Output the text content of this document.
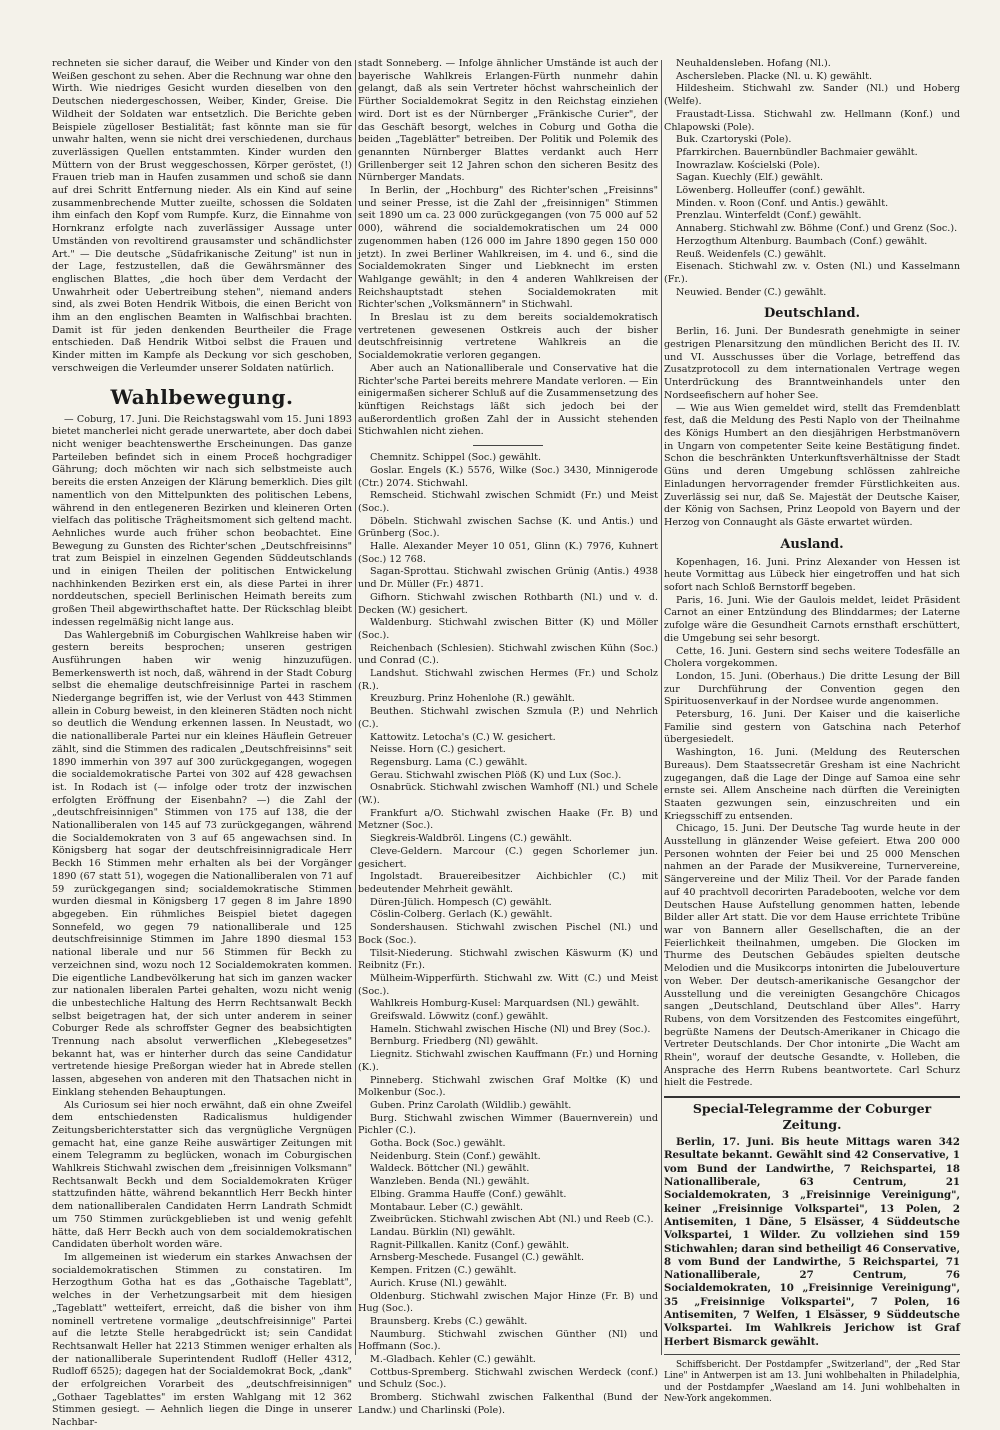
rechneten sie sicher darauf, die Weiber und Kinder von den Weißen geschont zu sehen. Aber die Rechnung war ohne den Wirth. Wie niedriges Gesicht wurden dieselben von den Deutschen niedergeschossen, Weiber, Kinder, Greise. Die Wildheit der Soldaten war entsetzlich. Die Berichte geben Beispiele zügelloser Bestialität; fast könnte man sie für unwahr halten, wenn sie nicht drei verschiedenen, durchaus zuverlässigen Quellen entstammten. Kinder wurden den Müttern von der Brust weggeschossen, Körper geröstet, (!) Frauen trieb man in Haufen zusammen und schoß sie dann auf drei Schritt Entfernung nieder. Als ein Kind auf seine zusammenbrechende Mutter zueilte, schossen die Soldaten ihm einfach den Kopf vom Rumpfe. Kurz, die Einnahme von Hornkranz erfolgte nach zuverlässiger Aussage unter Umständen von revoltirend grausamster und schändlichster Art." — Die deutsche „Südafrikanische Zeitung" ist nun in der Lage, festzustellen, daß die Gewährsmänner des englischen Blattes, „die hoch über dem Verdacht der Unwahrheit oder Uebertreibung stehen", niemand anders sind, als zwei Boten Hendrik Witbois, die einen Bericht von ihm an den englischen Beamten in Walfischbai brachten. Damit ist für jeden denkenden Beurtheiler die Frage entschieden. Daß Hendrik Witboi selbst die Frauen und Kinder mitten im Kampfe als Deckung vor sich geschoben, verschweigen die Verleumder unserer Soldaten natürlich.

Wahlbewegung.

— Coburg, 17. Juni. Die Reichstagswahl vom 15. Juni 1893 bietet mancherlei nicht gerade unerwartete, aber doch dabei nicht weniger beachtenswerthe Erscheinungen. Das ganze Parteileben befindet sich in einem Proceß hochgradiger Gährung; doch möchten wir nach sich selbstmeiste auch bereits die ersten Anzeigen der Klärung bemerklich. Dies gilt namentlich von den Mittelpunkten des politischen Lebens, während in den entlegeneren Bezirken und kleineren Orten vielfach das politische Trägheitsmoment sich geltend macht. Aehnliches wurde auch früher schon beobachtet. Eine Bewegung zu Gunsten des Richter'schen „Deutschfreisinns" trat zum Beispiel in einzelnen Gegenden Süddeutschlands und in einigen Theilen der politischen Entwickelung nachhinkenden Bezirken erst ein, als diese Partei in ihrer norddeutschen, speciell Berlinischen Heimath bereits zum großen Theil abgewirthschaftet hatte. Der Rückschlag bleibt indessen regelmäßig nicht lange aus.

Das Wahlergebniß im Coburgischen Wahlkreise haben wir gestern bereits besprochen; unseren gestrigen Ausführungen haben wir wenig hinzuzufügen. Bemerkenswerth ist noch, daß, während in der Stadt Coburg selbst die ehemalige deutschfreisinnige Partei in raschem Niedergange begriffen ist, wie der Verlust von 443 Stimmen allein in Coburg beweist, in den kleineren Städten noch nicht so deutlich die Wendung erkennen lassen. In Neustadt, wo die nationalliberale Partei nur ein kleines Häuflein Getreuer zählt, sind die Stimmen des radicalen „Deutschfreisinns" seit 1890 immerhin von 397 auf 300 zurückgegangen, wogegen die socialdemokratische Partei von 302 auf 428 gewachsen ist. In Rodach ist (— infolge oder trotz der inzwischen erfolgten Eröffnung der Eisenbahn? —) die Zahl der „deutschfreisinnigen" Stimmen von 175 auf 138, die der Nationalliberalen von 145 auf 73 zurückgegangen, während die Socialdemokraten von 3 auf 65 angewachsen sind. In Königsberg hat sogar der deutschfreisinnigradicale Herr Beckh 16 Stimmen mehr erhalten als bei der Vorgänger 1890 (67 statt 51), wogegen die Nationalliberalen von 71 auf 59 zurückgegangen sind; socialdemokratische Stimmen wurden diesmal in Königsberg 17 gegen 8 im Jahre 1890 abgegeben. Ein rühmliches Beispiel bietet dagegen Sonnefeld, wo gegen 79 nationalliberale und 125 deutschfreisinnige Stimmen im Jahre 1890 diesmal 153 national liberale und nur 56 Stimmen für Beckh zu verzeichnen sind, wozu noch 12 Socialdemokraten kommen. Die eigentliche Landbevölkerung hat sich im ganzen wacker zur nationalen liberalen Partei gehalten, wozu nicht wenig die unbestechliche Haltung des Herrn Rechtsanwalt Beckh selbst beigetragen hat, der sich unter anderem in seiner Coburger Rede als schroffster Gegner des beabsichtigten Trennung nach absolut verwerflichen „Klebegesetzes" bekannt hat, was er hinterher durch das seine Candidatur vertretende hiesige Preßorgan wieder hat in Abrede stellen lassen, abgesehen von anderen mit den Thatsachen nicht in Einklang stehenden Behauptungen.

Als Curiosum sei hier noch erwähnt, daß ein ohne Zweifel dem entschiedensten Radicalismus huldigender Zeitungsberichterstatter sich das vergnügliche Vergnügen gemacht hat, eine ganze Reihe auswärtiger Zeitungen mit einem Telegramm zu beglücken, wonach im Coburgischen Wahlkreis Stichwahl zwischen dem „freisinnigen Volksmann" Rechtsanwalt Beckh und dem Socialdemokraten Krüger stattzufinden hätte, während bekanntlich Herr Beckh hinter dem nationalliberalen Candidaten Herrn Landrath Schmidt um 750 Stimmen zurückgeblieben ist und wenig gefehlt hätte, daß Herr Beckh auch von dem socialdemokratischen Candidaten überholt worden wäre.

Im allgemeinen ist wiederum ein starkes Anwachsen der socialdemokratischen Stimmen zu constatiren. Im Herzogthum Gotha hat es das „Gothaische Tageblatt", welches in der Verhetzungsarbeit mit dem hiesigen „Tageblatt" wetteifert, erreicht, daß die bisher von ihm nominell vertretene vormalige „deutschfreisinnige" Partei auf die letzte Stelle herabgedrückt ist; sein Candidat Rechtsanwalt Heller hat 2213 Stimmen weniger erhalten als der nationalliberale Superintendent Rudloff (Heller 4312, Rudloff 6525); dagegen hat der Socialdemokrat Bock, „dank" der erfolgreichen Vorarbeit des „deutschfreisinnigen" „Gothaer Tageblattes" im ersten Wahlgang mit 12 362 Stimmen gesiegt. — Aehnlich liegen die Dinge in unserer Nachbar-

stadt Sonneberg. — Infolge ähnlicher Umstände ist auch der bayerische Wahlkreis Erlangen-Fürth nunmehr dahin gelangt, daß als sein Vertreter höchst wahrscheinlich der Fürther Socialdemokrat Segitz in den Reichstag einziehen wird. Dort ist es der Nürnberger „Fränkische Curier", der das Geschäft besorgt, welches in Coburg und Gotha die beiden „Tageblätter" betreiben. Der Politik und Polemik des genannten Nürnberger Blattes verdankt auch Herr Grillenberger seit 12 Jahren schon den sicheren Besitz des Nürnberger Mandats.

In Berlin, der „Hochburg" des Richter'schen „Freisinns" und seiner Presse, ist die Zahl der „freisinnigen" Stimmen seit 1890 um ca. 23 000 zurückgegangen (von 75 000 auf 52 000), während die socialdemokratischen um 24 000 zugenommen haben (126 000 im Jahre 1890 gegen 150 000 jetzt). In zwei Berliner Wahlkreisen, im 4. und 6., sind die Socialdemokraten Singer und Liebknecht im ersten Wahlgange gewählt; in den 4 anderen Wahlkreisen der Reichshauptstadt stehen Socialdemokraten mit Richter'schen „Volksmännern" in Stichwahl.

In Breslau ist zu dem bereits socialdemokratisch vertretenen gewesenen Ostkreis auch der bisher deutschfreisinnig vertretene Wahlkreis an die Socialdemokratie verloren gegangen.

Aber auch an Nationalliberale und Conservative hat die Richter'sche Partei bereits mehrere Mandate verloren. — Ein einigermaßen sicherer Schluß auf die Zusammensetzung des künftigen Reichstags läßt sich jedoch bei der außerordentlich großen Zahl der in Aussicht stehenden Stichwahlen nicht ziehen.

Chemnitz. Schippel (Soc.) gewählt.

Goslar. Engels (K.) 5576, Wilke (Soc.) 3430, Minnigerode (Ctr.) 2074. Stichwahl.

Remscheid. Stichwahl zwischen Schmidt (Fr.) und Meist (Soc.).

Döbeln. Stichwahl zwischen Sachse (K. und Antis.) und Grünberg (Soc.).

Halle. Alexander Meyer 10 051, Glinn (K.) 7976, Kuhnert (Soc.) 12 768.

Sagan-Sprottau. Stichwahl zwischen Grünig (Antis.) 4938 und Dr. Müller (Fr.) 4871.

Gifhorn. Stichwahl zwischen Rothbarth (Nl.) und v. d. Decken (W.) gesichert.

Waldenburg. Stichwahl zwischen Bitter (K) und Möller (Soc.).

Reichenbach (Schlesien). Stichwahl zwischen Kühn (Soc.) und Conrad (C.).

Landshut. Stichwahl zwischen Hermes (Fr.) und Scholz (R.).

Kreuzburg. Prinz Hohenlohe (R.) gewählt.

Beuthen. Stichwahl zwischen Szmula (P.) und Nehrlich (C.).

Kattowitz. Letocha's (C.) W. gesichert.

Neisse. Horn (C.) gesichert.

Regensburg. Lama (C.) gewählt.

Gerau. Stichwahl zwischen Plöß (K) und Lux (Soc.).

Osnabrück. Stichwahl zwischen Wamhoff (Nl.) und Schele (W.).

Frankfurt a/O. Stichwahl zwischen Haake (Fr. B) und Metzner (Soc.).

Siegkreis-Waldbröl. Lingens (C.) gewählt.

Cleve-Geldern. Marcour (C.) gegen Schorlemer jun. gesichert.

Ingolstadt. Brauereibesitzer Aichbichler (C.) mit bedeutender Mehrheit gewählt.

Düren-Jülich. Hompesch (C) gewählt.

Cöslin-Colberg. Gerlach (K.) gewählt.

Sondershausen. Stichwahl zwischen Pischel (Nl.) und Bock (Soc.).

Tilsit-Niederung. Stichwahl zwischen Käswurm (K) und Reibnitz (Fr.).

Mülheim-Wipperfürth. Stichwahl zw. Witt (C.) und Meist (Soc.).

Wahlkreis Homburg-Kusel: Marquardsen (Nl.) gewählt.

Greifswald. Löwwitz (conf.) gewählt.

Hameln. Stichwahl zwischen Hische (Nl) und Brey (Soc.).

Bernburg. Friedberg (Nl) gewählt.

Liegnitz. Stichwahl zwischen Kauffmann (Fr.) und Horning (K.).

Pinneberg. Stichwahl zwischen Graf Moltke (K) und Molkenbur (Soc.).

Guben. Prinz Carolath (Wildlib.) gewählt.

Burg. Stichwahl zwischen Wimmer (Bauernverein) und Pichler (C.).

Gotha. Bock (Soc.) gewählt.

Neidenburg. Stein (Conf.) gewählt.

Waldeck. Böttcher (Nl.) gewählt.

Wanzleben. Benda (Nl.) gewählt.

Elbing. Gramma Hauffe (Conf.) gewählt.

Montabaur. Leber (C.) gewählt.

Zweibrücken. Stichwahl zwischen Abt (Nl.) und Reeb (C.).

Landau. Bürklin (Nl) gewählt.

Ragnit-Pillkallen. Kanitz (Conf.) gewählt.

Arnsberg-Meschede. Fusangel (C.) gewählt.

Kempen. Fritzen (C.) gewählt.

Aurich. Kruse (Nl.) gewählt.

Oldenburg. Stichwahl zwischen Major Hinze (Fr. B) und Hug (Soc.).

Braunsberg. Krebs (C.) gewählt.

Naumburg. Stichwahl zwischen Günther (Nl) und Hoffmann (Soc.).

M.-Gladbach. Kehler (C.) gewählt.

Cottbus-Spremberg. Stichwahl zwischen Werdeck (conf.) und Schulz (Soc.).

Bromberg. Stichwahl zwischen Falkenthal (Bund der Landw.) und Charlinski (Pole).

Neuhaldensleben. Hofang (Nl.).

Aschersleben. Placke (Nl. u. K) gewählt.

Hildesheim. Stichwahl zw. Sander (Nl.) und Hoberg (Welfe).

Fraustadt-Lissa. Stichwahl zw. Hellmann (Konf.) und Chlapowski (Pole).

Buk. Czartoryski (Pole).

Pfarrkirchen. Bauernbündler Bachmaier gewählt.

Inowrazlaw. Kościelski (Pole).

Sagan. Kuechly (Elf.) gewählt.

Löwenberg. Holleuffer (conf.) gewählt.

Minden. v. Roon (Conf. und Antis.) gewählt.

Prenzlau. Winterfeldt (Conf.) gewählt.

Annaberg. Stichwahl zw. Böhme (Conf.) und Grenz (Soc.).

Herzogthum Altenburg. Baumbach (Conf.) gewählt.

Reuß. Weidenfels (C.) gewählt.

Eisenach. Stichwahl zw. v. Osten (Nl.) und Kasselmann (Fr.).

Neuwied. Bender (C.) gewählt.

Deutschland.

Berlin, 16. Juni. Der Bundesrath genehmigte in seiner gestrigen Plenarsitzung den mündlichen Bericht des II. IV. und VI. Ausschusses über die Vorlage, betreffend das Zusatzprotocoll zu dem internationalen Vertrage wegen Unterdrückung des Branntweinhandels unter den Nordseefischern auf hoher See.

— Wie aus Wien gemeldet wird, stellt das Fremdenblatt fest, daß die Meldung des Pesti Naplo von der Theilnahme des Königs Humbert an den diesjährigen Herbstmanövern in Ungarn von competenter Seite keine Bestätigung findet. Schon die beschränkten Unterkunftsverhältnisse der Stadt Güns und deren Umgebung schlössen zahlreiche Einladungen hervorragender fremder Fürstlichkeiten aus. Zuverlässig sei nur, daß Se. Majestät der Deutsche Kaiser, der König von Sachsen, Prinz Leopold von Bayern und der Herzog von Connaught als Gäste erwartet würden.

Ausland.

Kopenhagen, 16. Juni. Prinz Alexander von Hessen ist heute Vormittag aus Lübeck hier eingetroffen und hat sich sofort nach Schloß Bernstorff begeben.

Paris, 16. Juni. Wie der Gaulois meldet, leidet Präsident Carnot an einer Entzündung des Blinddarmes; der Laterne zufolge wäre die Gesundheit Carnots ernsthaft erschüttert, die Umgebung sei sehr besorgt.

Cette, 16. Juni. Gestern sind sechs weitere Todesfälle an Cholera vorgekommen.

London, 15. Juni. (Oberhaus.) Die dritte Lesung der Bill zur Durchführung der Convention gegen den Spirituosenverkauf in der Nordsee wurde angenommen.

Petersburg, 16. Juni. Der Kaiser und die kaiserliche Familie sind gestern von Gatschina nach Peterhof übergesiedelt.

Washington, 16. Juni. (Meldung des Reuterschen Bureaus). Dem Staatssecretär Gresham ist eine Nachricht zugegangen, daß die Lage der Dinge auf Samoa eine sehr ernste sei. Allem Anscheine nach dürften die Vereinigten Staaten gezwungen sein, einzuschreiten und ein Kriegsschiff zu entsenden.

Chicago, 15. Juni. Der Deutsche Tag wurde heute in der Ausstellung in glänzender Weise gefeiert. Etwa 200 000 Personen wohnten der Feier bei und 25 000 Menschen nahmen an der Parade der Musikvereine, Turnervereine, Sängervereine und der Miliz Theil. Vor der Parade fanden auf 40 prachtvoll decorirten Paradebooten, welche vor dem Deutschen Hause Aufstellung genommen hatten, lebende Bilder aller Art statt. Die vor dem Hause errichtete Tribüne war von Bannern aller Gesellschaften, die an der Feierlichkeit theilnahmen, umgeben. Die Glocken im Thurme des Deutschen Gebäudes spielten deutsche Melodien und die Musikcorps intonirten die Jubelouverture von Weber. Der deutsch-amerikanische Gesangchor der Ausstellung und die vereinigten Gesangchöre Chicagos sangen „Deutschland, Deutschland über Alles". Harry Rubens, von dem Vorsitzenden des Festcomites eingeführt, begrüßte Namens der Deutsch-Amerikaner in Chicago die Vertreter Deutschlands. Der Chor intonirte „Die Wacht am Rhein", worauf der deutsche Gesandte, v. Holleben, die Ansprache des Herrn Rubens beantwortete. Carl Schurz hielt die Festrede.

Special-Telegramme der Coburger Zeitung.

Berlin, 17. Juni. Bis heute Mittags waren 342 Resultate bekannt. Gewählt sind 42 Conservative, 1 vom Bund der Landwirthe, 7 Reichspartei, 18 Nationalliberale, 63 Centrum, 21 Socialdemokraten, 3 „Freisinnige Vereinigung", keiner „Freisinnige Volkspartei", 13 Polen, 2 Antisemiten, 1 Däne, 5 Elsässer, 4 Süddeutsche Volkspartei, 1 Wilder. Zu vollziehen sind 159 Stichwahlen; daran sind betheiligt 46 Conservative, 8 vom Bund der Landwirthe, 5 Reichspartei, 71 Nationalliberale, 27 Centrum, 76 Socialdemokraten, 10 „Freisinnige Vereinigung", 35 „Freisinnige Volkspartei", 7 Polen, 16 Antisemiten, 7 Welfen, 1 Elsässer, 9 Süddeutsche Volkspartei. Im Wahlkreis Jerichow ist Graf Herbert Bismarck gewählt.

Schiffsbericht. Der Postdampfer „Switzerland", der „Red Star Line" in Antwerpen ist am 13. Juni wohlbehalten in Philadelphia, und der Postdampfer „Waesland am 14. Juni wohlbehalten in New-York angekommen.
